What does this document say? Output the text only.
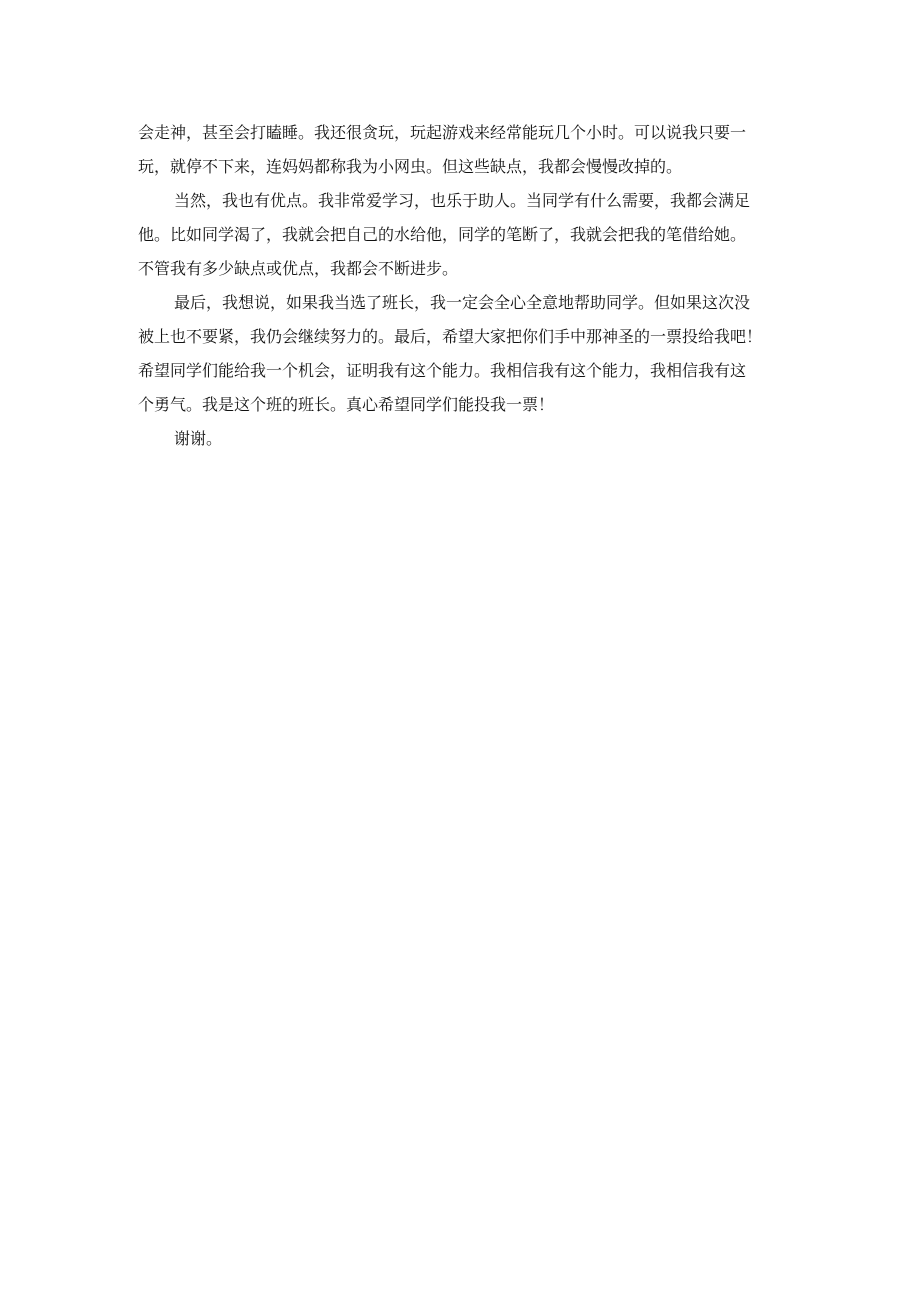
会走神，甚至会打瞌睡。我还很贪玩，玩起游戏来经常能玩几个小时。可以说我只要一
玩，就停不下来，连妈妈都称我为小网虫。但这些缺点，我都会慢慢改掉的。
当然，我也有优点。我非常爱学习，也乐于助人。当同学有什么需要，我都会满足
他。比如同学渴了，我就会把自己的水给他，同学的笔断了，我就会把我的笔借给她。
不管我有多少缺点或优点，我都会不断进步。
最后，我想说，如果我当选了班长，我一定会全心全意地帮助同学。但如果这次没
被上也不要紧，我仍会继续努力的。最后，希望大家把你们手中那神圣的一票投给我吧！
希望同学们能给我一个机会，证明我有这个能力。我相信我有这个能力，我相信我有这
个勇气。我是这个班的班长。真心希望同学们能投我一票！
谢谢。
